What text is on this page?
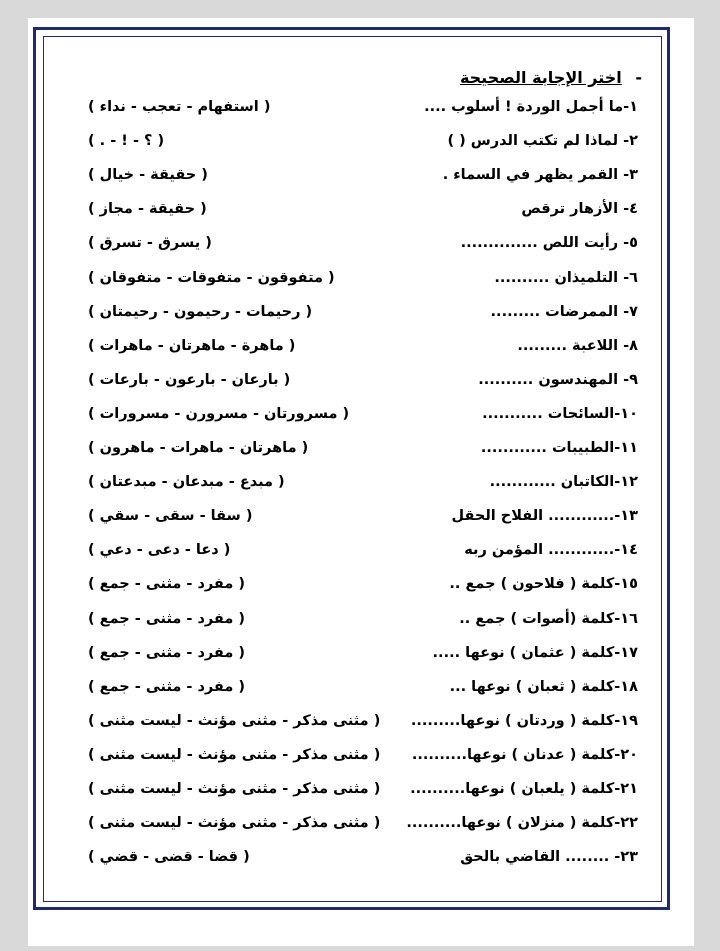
- اختر الإجابة الصحيحة
١-ما أجمل الوردة ! أسلوب ....
( استفهام - تعجب - نداء )
٢- لماذا لم تكتب الدرس ( )
( ؟ - ! - . )
٣- القمر يظهر في السماء .
( حقيقة - خيال )
٤- الأزهار ترقص
( حقيقة - مجاز )
٥- رأيت اللص ..............
( يسرق - تسرق )
٦- التلميذان ..........
( متفوقون - متفوقات - متفوقان )
٧- الممرضات .........
( رحيمات - رحيمون - رحيمتان )
٨- اللاعبة .........
( ماهرة - ماهرتان - ماهرات )
٩- المهندسون ..........
( بارعان - بارعون - بارعات )
١٠-السائحات ...........
( مسرورتان - مسرورن - مسرورات )
١١-الطبيبات ............
( ماهرتان - ماهرات - ماهرون )
١٢-الكاتبان ............
( مبدع - مبدعان - مبدعتان )
١٣-............ الفلاح الحقل
( سقا - سقى - سقي )
١٤-............ المؤمن ربه
( دعا - دعى - دعي )
١٥-كلمة ( فلاحون ) جمع ..
( مفرد - مثنى - جمع )
١٦-كلمة (أصوات ) جمع ..
( مفرد - مثنى - جمع )
١٧-كلمة ( عثمان ) نوعها .....
( مفرد - مثنى - جمع )
١٨-كلمة ( ثعبان ) نوعها ...
( مفرد - مثنى - جمع )
١٩-كلمة ( وردتان ) نوعها.........
( مثنى مذكر - مثنى مؤنث - ليست مثنى )
٢٠-كلمة ( عدنان ) نوعها..........
( مثنى مذكر - مثنى مؤنث - ليست مثنى )
٢١-كلمة ( يلعبان ) نوعها..........
( مثنى مذكر - مثنى مؤنث - ليست مثنى )
٢٢-كلمة ( منزلان ) نوعها..........
( مثنى مذكر - مثنى مؤنث - ليست مثنى )
٢٣- ........ القاضي بالحق
( قضا - قضى - قضي )
